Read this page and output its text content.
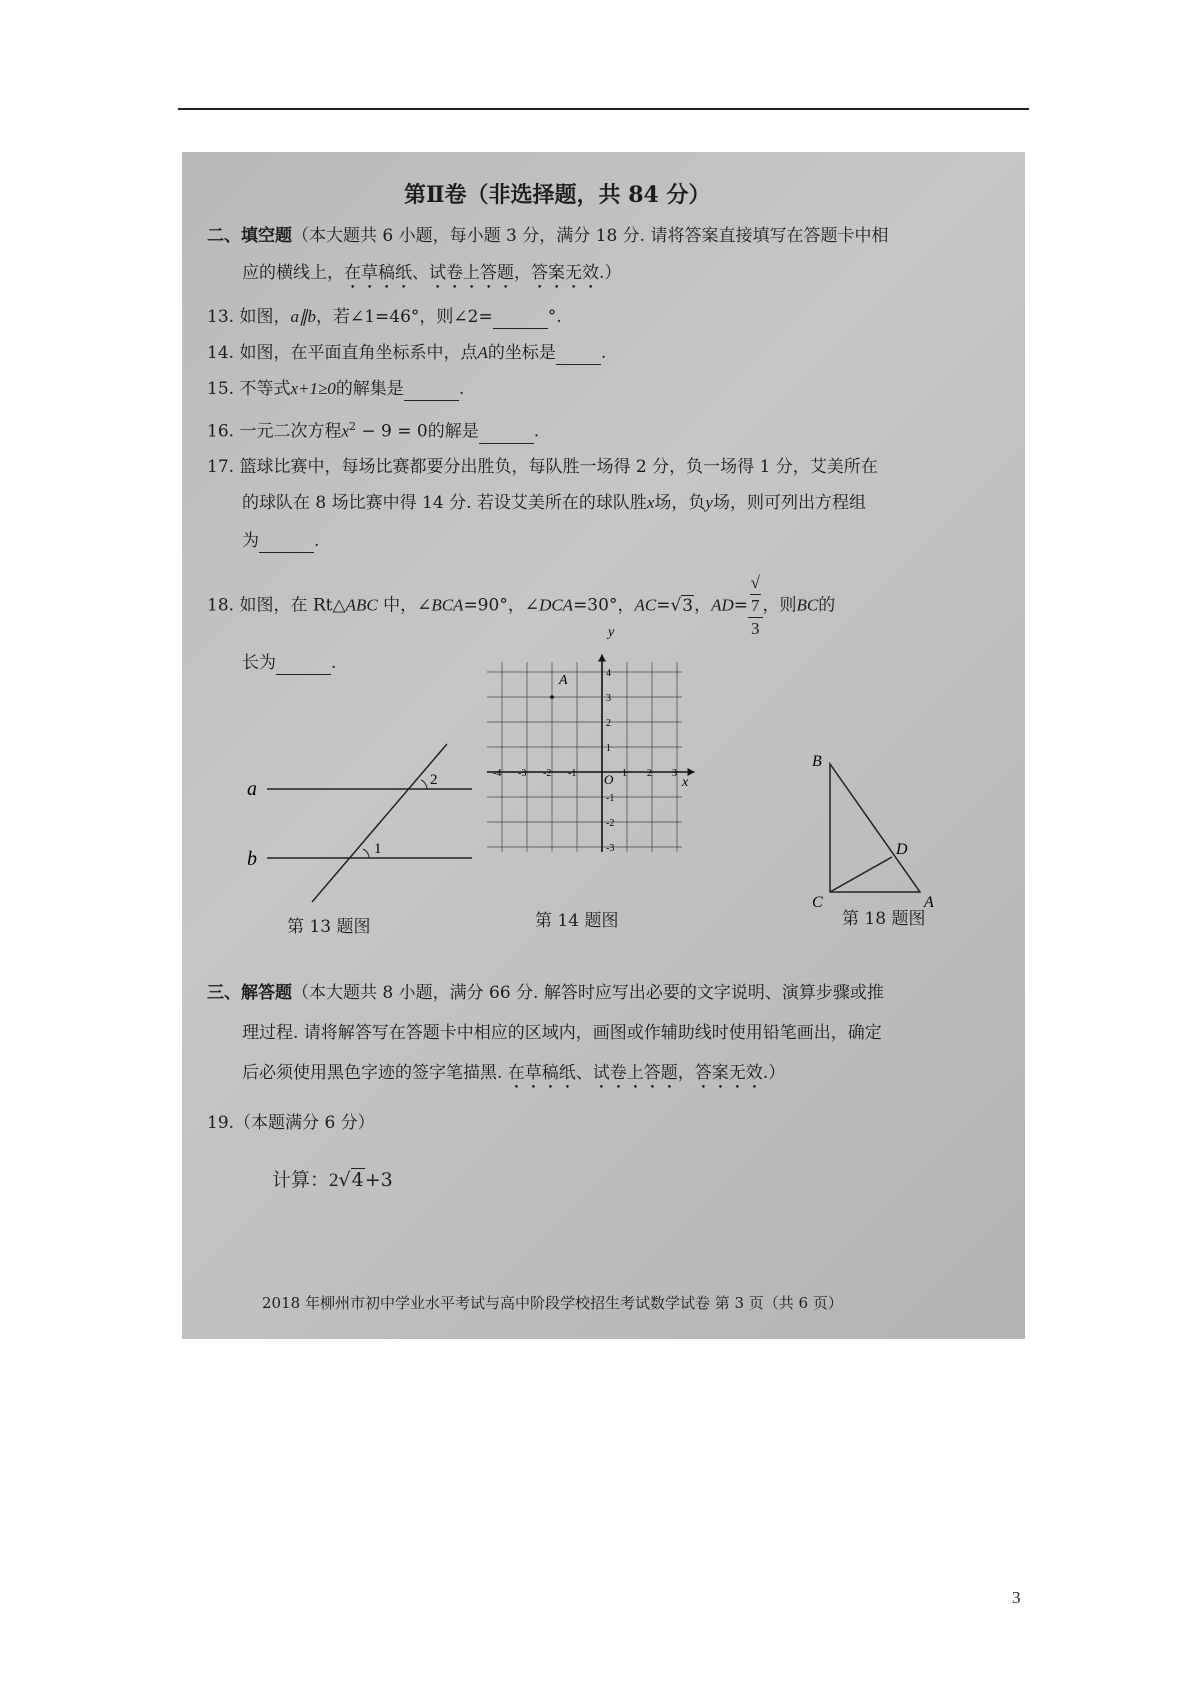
第Ⅱ卷（非选择题，共 84 分）
二、填空题（本大题共 6 小题，每小题 3 分，满分 18 分. 请将答案直接填写在答题卡中相
应的横线上，在草稿纸、试卷上答题，答案无效.）
13. 如图，a∥b，若∠1=46°，则∠2=	°.
14. 如图，在平面直角坐标系中，点A的坐标是	.
15. 不等式x+1≥0的解集是	.
16. 一元二次方程$x^2 - 9 = 0$的解是	.
17. 篮球比赛中，每场比赛都要分出胜负，每队胜一场得 2 分，负一场得 1 分，艾美所在
的球队在 8 场比赛中得 14 分. 若设艾美所在的球队胜x场，负y场，则可列出方程组
为	.
18. 如图，在 Rt△ABC 中，∠BCA=90°，∠DCA=30°，AC=√3，AD= √
7
3 ，则BC的
长为	.
a
b	1
2
第 13 题图
y
x
O
A
-4 -3 -2 -1	1 2 3
4
3
2
1
-1
-2
-3
第 14 题图
B
C	A
D
第 18 题图
三、解答题（本大题共 8 小题，满分 66 分. 解答时应写出必要的文字说明、演算步骤或推
理过程. 请将解答写在答题卡中相应的区域内，画图或作辅助线时使用铅笔画出，确定
后必须使用黑色字迹的签字笔描黑. 在草稿纸、试卷上答题，答案无效.）
19.（本题满分 6 分）
计算：2√4+3
2018 年柳州市初中学业水平考试与高中阶段学校招生考试数学试卷 第 3 页（共 6 页）
3
